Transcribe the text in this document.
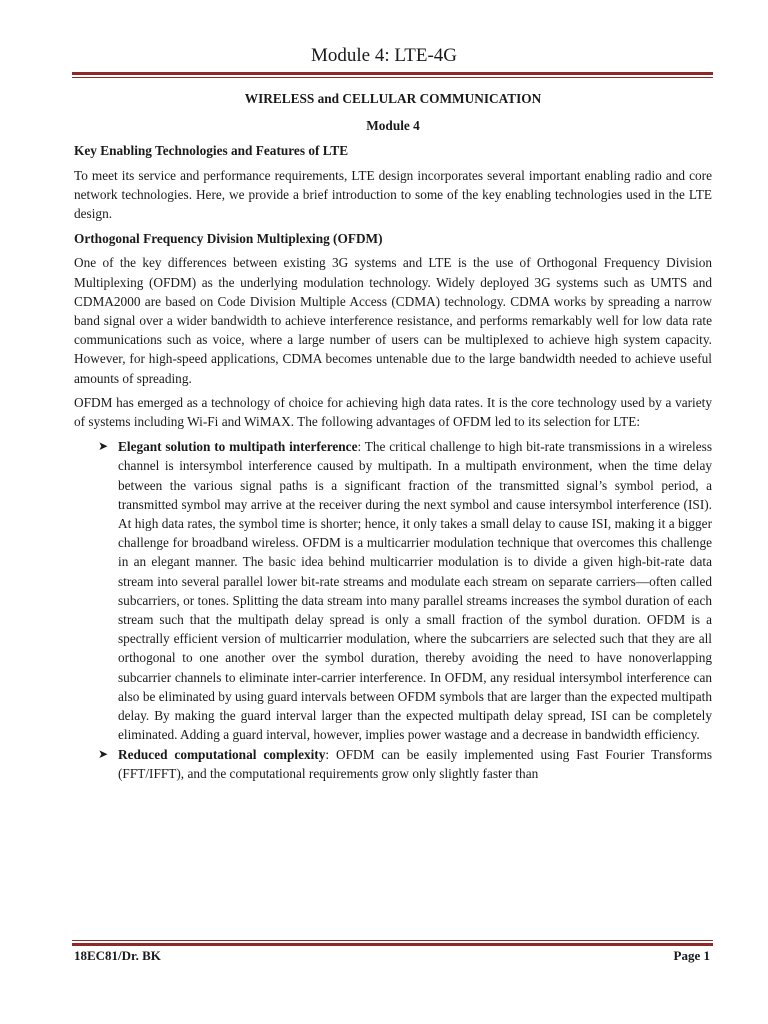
Module 4: LTE-4G
WIRELESS and CELLULAR COMMUNICATION
Module 4
Key Enabling Technologies and Features of LTE

To meet its service and performance requirements, LTE design incorporates several important enabling radio and core network technologies. Here, we provide a brief introduction to some of the key enabling technologies used in the LTE design.

Orthogonal Frequency Division Multiplexing (OFDM)

One of the key differences between existing 3G systems and LTE is the use of Orthogonal Frequency Division Multiplexing (OFDM) as the underlying modulation technology. Widely deployed 3G systems such as UMTS and CDMA2000 are based on Code Division Multiple Access (CDMA) technology. CDMA works by spreading a narrow band signal over a wider bandwidth to achieve interference resistance, and performs remarkably well for low data rate communications such as voice, where a large number of users can be multiplexed to achieve high system capacity. However, for high-speed applications, CDMA becomes untenable due to the large bandwidth needed to achieve useful amounts of spreading.

OFDM has emerged as a technology of choice for achieving high data rates. It is the core technology used by a variety of systems including Wi-Fi and WiMAX. The following advantages of OFDM led to its selection for LTE:

➤ Elegant solution to multipath interference: The critical challenge to high bit-rate transmissions in a wireless channel is intersymbol interference caused by multipath. In a multipath environment, when the time delay between the various signal paths is a significant fraction of the transmitted signal’s symbol period, a transmitted symbol may arrive at the receiver during the next symbol and cause intersymbol interference (ISI). At high data rates, the symbol time is shorter; hence, it only takes a small delay to cause ISI, making it a bigger challenge for broadband wireless. OFDM is a multicarrier modulation technique that overcomes this challenge in an elegant manner. The basic idea behind multicarrier modulation is to divide a given high-bit-rate data stream into several parallel lower bit-rate streams and modulate each stream on separate carriers—often called subcarriers, or tones. Splitting the data stream into many parallel streams increases the symbol duration of each stream such that the multipath delay spread is only a small fraction of the symbol duration. OFDM is a spectrally efficient version of multicarrier modulation, where the subcarriers are selected such that they are all orthogonal to one another over the symbol duration, thereby avoiding the need to have nonoverlapping subcarrier channels to eliminate inter-carrier interference. In OFDM, any residual intersymbol interference can also be eliminated by using guard intervals between OFDM symbols that are larger than the expected multipath delay. By making the guard interval larger than the expected multipath delay spread, ISI can be completely eliminated. Adding a guard interval, however, implies power wastage and a decrease in bandwidth efficiency.
➤ Reduced computational complexity: OFDM can be easily implemented using Fast Fourier Transforms (FFT/IFFT), and the computational requirements grow only slightly faster than
18EC81/Dr. BK	Page 1
